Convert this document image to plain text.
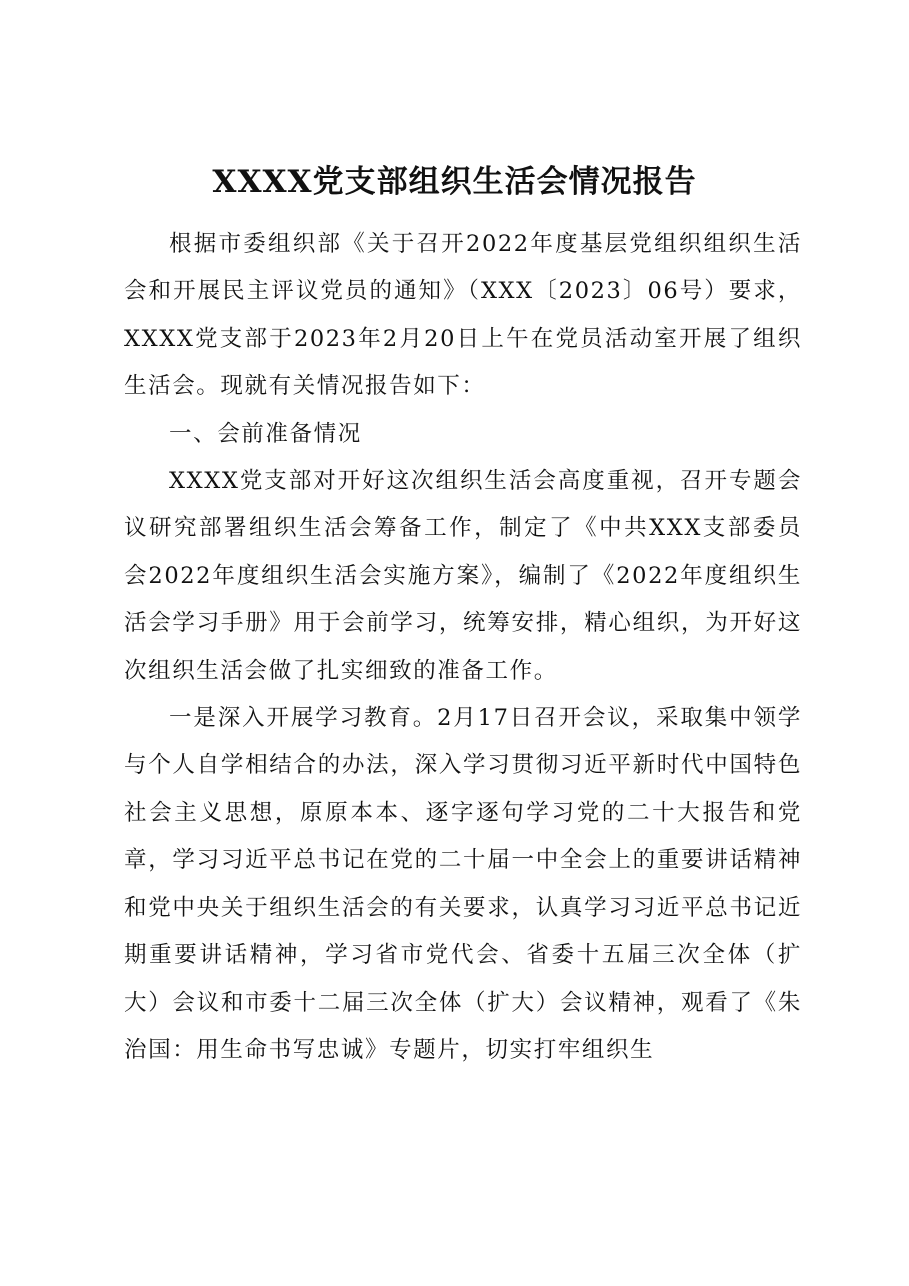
XXXX党支部组织生活会情况报告

根据市委组织部《关于召开2022年度基层党组织组织生活会和开展民主评议党员的通知》（XXX〔2023〕06号）要求，XXXX党支部于2023年2月20日上午在党员活动室开展了组织生活会。现就有关情况报告如下：

一、会前准备情况

XXXX党支部对开好这次组织生活会高度重视，召开专题会议研究部署组织生活会筹备工作，制定了《中共XXX支部委员会2022年度组织生活会实施方案》，编制了《2022年度组织生活会学习手册》用于会前学习，统筹安排，精心组织，为开好这次组织生活会做了扎实细致的准备工作。

一是深入开展学习教育。2月17日召开会议，采取集中领学与个人自学相结合的办法，深入学习贯彻习近平新时代中国特色社会主义思想，原原本本、逐字逐句学习党的二十大报告和党章，学习习近平总书记在党的二十届一中全会上的重要讲话精神和党中央关于组织生活会的有关要求，认真学习习近平总书记近期重要讲话精神，学习省市党代会、省委十五届三次全体（扩大）会议和市委十二届三次全体（扩大）会议精神，观看了《朱治国：用生命书写忠诚》专题片，切实打牢组织生
